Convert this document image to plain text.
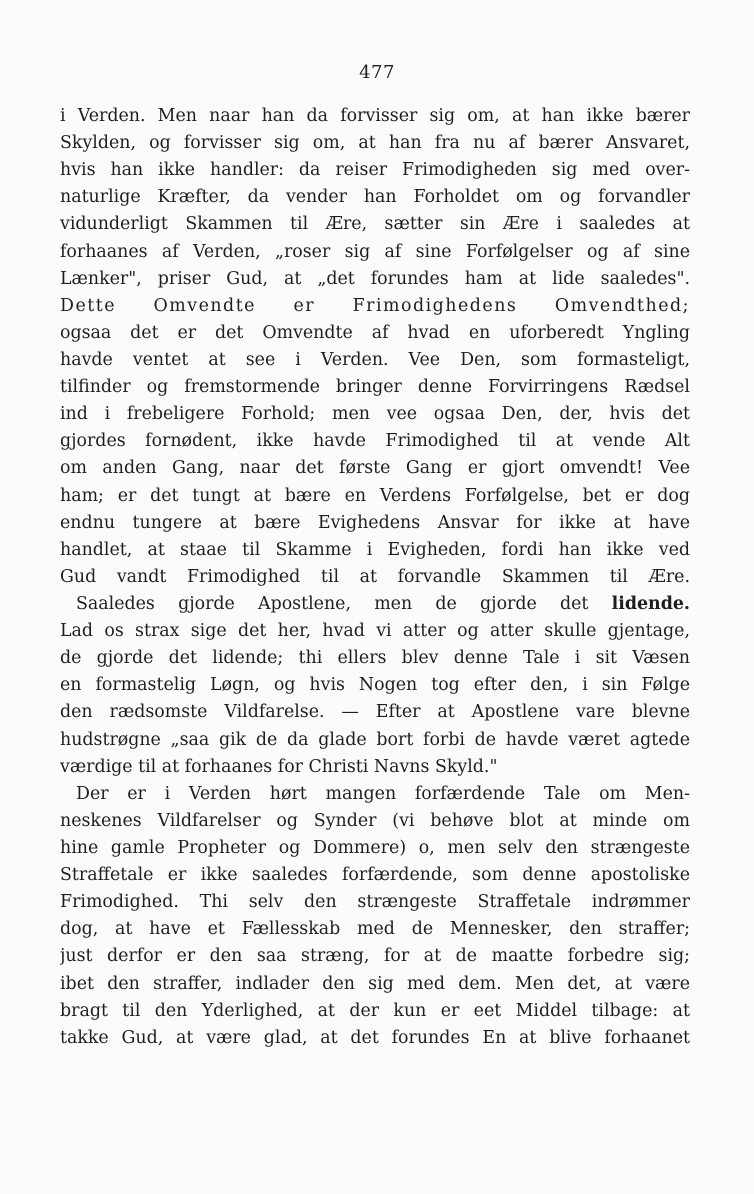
477
i Verden. Men naar han da forvisser sig om, at han ikke bærer
Skylden, og forvisser sig om, at han fra nu af bærer Ansvaret,
hvis han ikke handler: da reiser Frimodigheden sig med over-
naturlige Kræfter, da vender han Forholdet om og forvandler
vidunderligt Skammen til Ære, sætter sin Ære i saaledes at
forhaanes af Verden, „roser sig af sine Forfølgelser og af sine
Lænker", priser Gud, at „det forundes ham at lide saaledes".
Dette Omvendte er Frimodighedens Omvendthed;
ogsaa det er det Omvendte af hvad en uforberedt Yngling
havde ventet at see i Verden. Vee Den, som formasteligt,
tilfinder og fremstormende bringer denne Forvirringens Rædsel
ind i frebeligere Forhold; men vee ogsaa Den, der, hvis det
gjordes fornødent, ikke havde Frimodighed til at vende Alt
om anden Gang, naar det første Gang er gjort omvendt! Vee
ham; er det tungt at bære en Verdens Forfølgelse, bet er dog
endnu tungere at bære Evighedens Ansvar for ikke at have
handlet, at staae til Skamme i Evigheden, fordi han ikke ved
Gud vandt Frimodighed til at forvandle Skammen til Ære.
Saaledes gjorde Apostlene, men de gjorde det lidende.
Lad os strax sige det her, hvad vi atter og atter skulle gjentage,
de gjorde det lidende; thi ellers blev denne Tale i sit Væsen
en formastelig Løgn, og hvis Nogen tog efter den, i sin Følge
den rædsomste Vildfarelse. — Efter at Apostlene vare blevne
hudstrøgne „saa gik de da glade bort forbi de havde været agtede
værdige til at forhaanes for Christi Navns Skyld."
Der er i Verden hørt mangen forfærdende Tale om Men-
neskenes Vildfarelser og Synder (vi behøve blot at minde om
hine gamle Propheter og Dommere) o, men selv den strængeste
Straffetale er ikke saaledes forfærdende, som denne apostoliske
Frimodighed. Thi selv den strængeste Straffetale indrømmer
dog, at have et Fællesskab med de Mennesker, den straffer;
just derfor er den saa stræng, for at de maatte forbedre sig;
ibet den straffer, indlader den sig med dem. Men det, at være
bragt til den Yderlighed, at der kun er eet Middel tilbage: at
takke Gud, at være glad, at det forundes En at blive forhaanet
